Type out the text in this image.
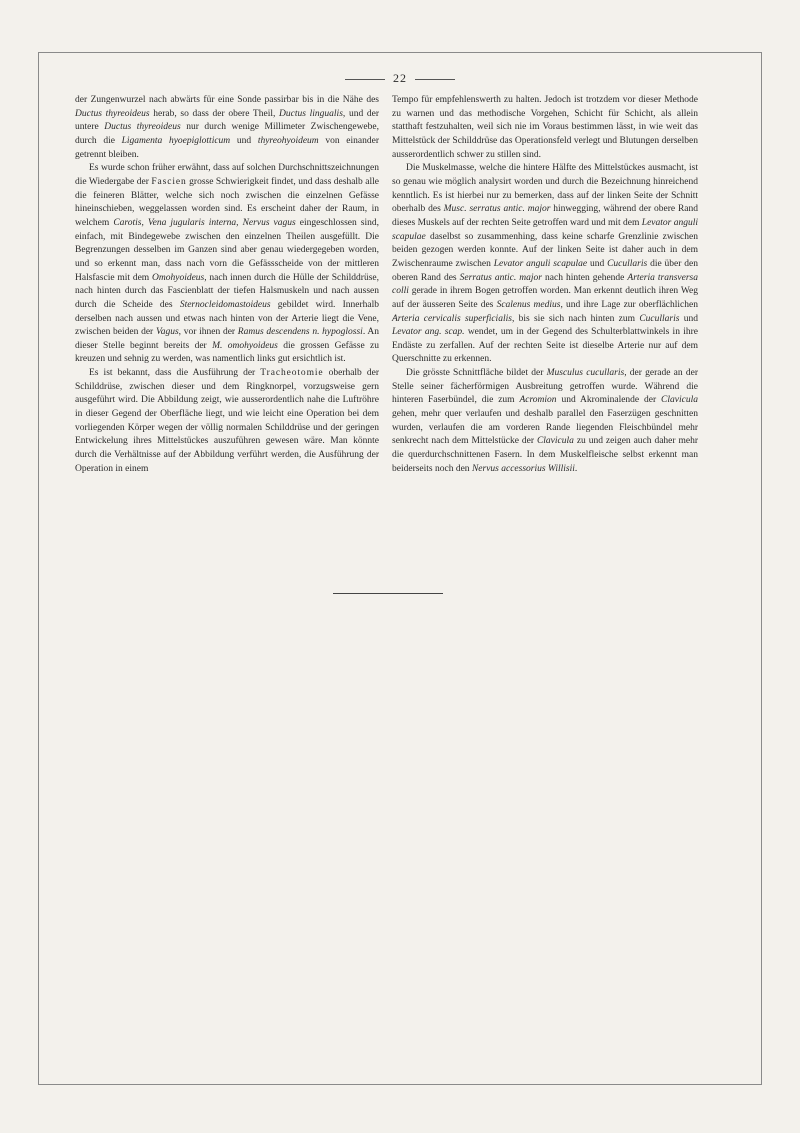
22

der Zungenwurzel nach abwärts für eine Sonde passirbar bis in die Nähe des Ductus thyreoideus herab, so dass der obere Theil, Ductus lingualis, und der untere Ductus thyreoideus nur durch wenige Millimeter Zwischengewebe, durch die Ligamenta hyoepiglotticum und thyreohyoideum von einander getrennt bleiben.

Es wurde schon früher erwähnt, dass auf solchen Durchschnittszeichnungen die Wiedergabe der Fascien grosse Schwierigkeit findet, und dass deshalb alle die feineren Blätter, welche sich noch zwischen die einzelnen Gefässe hineinschieben, weggelassen worden sind. Es erscheint daher der Raum, in welchem Carotis, Vena jugularis interna, Nervus vagus eingeschlossen sind, einfach, mit Bindegewebe zwischen den einzelnen Theilen ausgefüllt. Die Begrenzungen desselben im Ganzen sind aber genau wiedergegeben worden, und so erkennt man, dass nach vorn die Gefässscheide von der mittleren Halsfascie mit dem Omohyoideus, nach innen durch die Hülle der Schilddrüse, nach hinten durch das Fascienblatt der tiefen Halsmuskeln und nach aussen durch die Scheide des Sternocleidomastoideus gebildet wird. Innerhalb derselben nach aussen und etwas nach hinten von der Arterie liegt die Vene, zwischen beiden der Vagus, vor ihnen der Ramus descendens n. hypoglossi. An dieser Stelle beginnt bereits der M. omohyoideus die grossen Gefässe zu kreuzen und sehnig zu werden, was namentlich links gut ersichtlich ist.

Es ist bekannt, dass die Ausführung der Tracheotomie oberhalb der Schilddrüse, zwischen dieser und dem Ringknorpel, vorzugsweise gern ausgeführt wird. Die Abbildung zeigt, wie ausserordentlich nahe die Luftröhre in dieser Gegend der Oberfläche liegt, und wie leicht eine Operation bei dem vorliegenden Körper wegen der völlig normalen Schilddrüse und der geringen Entwickelung ihres Mittelstückes auszuführen gewesen wäre. Man könnte durch die Verhältnisse auf der Abbildung verführt werden, die Ausführung der Operation in einem

Tempo für empfehlenswerth zu halten. Jedoch ist trotzdem vor dieser Methode zu warnen und das methodische Vorgehen, Schicht für Schicht, als allein statthaft festzuhalten, weil sich nie im Voraus bestimmen lässt, in wie weit das Mittelstück der Schilddrüse das Operationsfeld verlegt und Blutungen derselben ausserordentlich schwer zu stillen sind.

Die Muskelmasse, welche die hintere Hälfte des Mittelstückes ausmacht, ist so genau wie möglich analysirt worden und durch die Bezeichnung hinreichend kenntlich. Es ist hierbei nur zu bemerken, dass auf der linken Seite der Schnitt oberhalb des Musc. serratus antic. major hinwegging, während der obere Rand dieses Muskels auf der rechten Seite getroffen ward und mit dem Levator anguli scapulae daselbst so zusammenhing, dass keine scharfe Grenzlinie zwischen beiden gezogen werden konnte. Auf der linken Seite ist daher auch in dem Zwischenraume zwischen Levator anguli scapulae und Cucullaris die über den oberen Rand des Serratus antic. major nach hinten gehende Arteria transversa colli gerade in ihrem Bogen getroffen worden. Man erkennt deutlich ihren Weg auf der äusseren Seite des Scalenus medius, und ihre Lage zur oberflächlichen Arteria cervicalis superficialis, bis sie sich nach hinten zum Cucullaris und Levator ang. scap. wendet, um in der Gegend des Schulterblattwinkels in ihre Endäste zu zerfallen. Auf der rechten Seite ist dieselbe Arterie nur auf dem Querschnitte zu erkennen.

Die grösste Schnittfläche bildet der Musculus cucullaris, der gerade an der Stelle seiner fächerförmigen Ausbreitung getroffen wurde. Während die hinteren Faserbündel, die zum Acromion und Akrominalende der Clavicula gehen, mehr quer verlaufen und deshalb parallel den Faserzügen geschnitten wurden, verlaufen die am vorderen Rande liegenden Fleischbündel mehr senkrecht nach dem Mittelstücke der Clavicula zu und zeigen auch daher mehr die querdurchschnittenen Fasern. In dem Muskelfleische selbst erkennt man beiderseits noch den Nervus accessorius Willisii.
